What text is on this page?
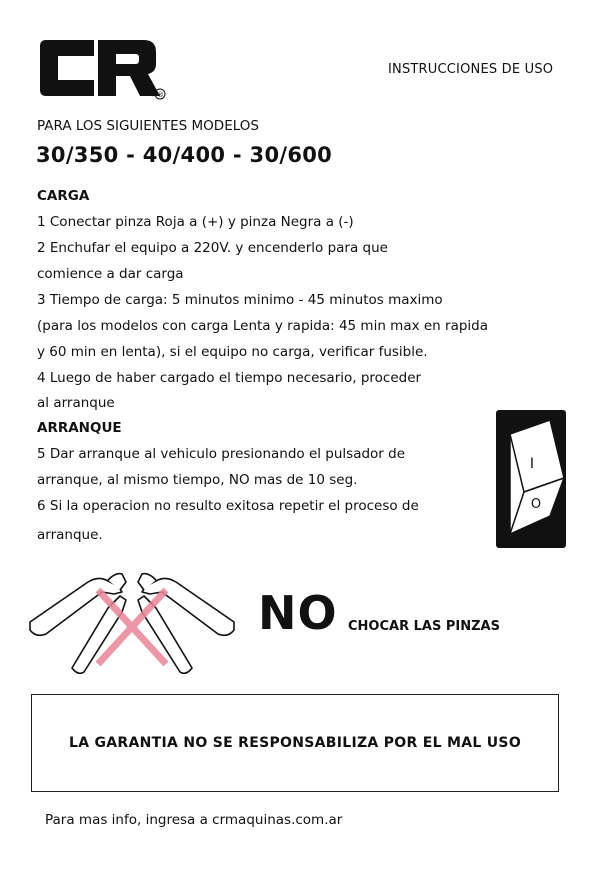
®
INSTRUCCIONES DE USO
PARA LOS SIGUIENTES MODELOS
30/350 - 40/400 - 30/600
CARGA
1 Conectar pinza Roja a (+) y pinza Negra a (-)
2 Enchufar el equipo a 220V. y encenderlo para que
comience a dar carga
3 Tiempo de carga: 5 minutos minimo - 45 minutos maximo
(para los modelos con carga Lenta y rapida: 45 min max en rapida
y 60 min en lenta), si el equipo no carga, verificar fusible.
4 Luego de haber cargado el tiempo necesario, proceder
al arranque
ARRANQUE
5 Dar arranque al vehiculo presionando el pulsador de
arranque, al mismo tiempo, NO mas de 10 seg.
6 Si la operacion no resulto exitosa repetir el proceso de
arranque.
I
O
NO CHOCAR LAS PINZAS
LA GARANTIA NO SE RESPONSABILIZA POR EL MAL USO
Para mas info, ingresa a crmaquinas.com.ar
